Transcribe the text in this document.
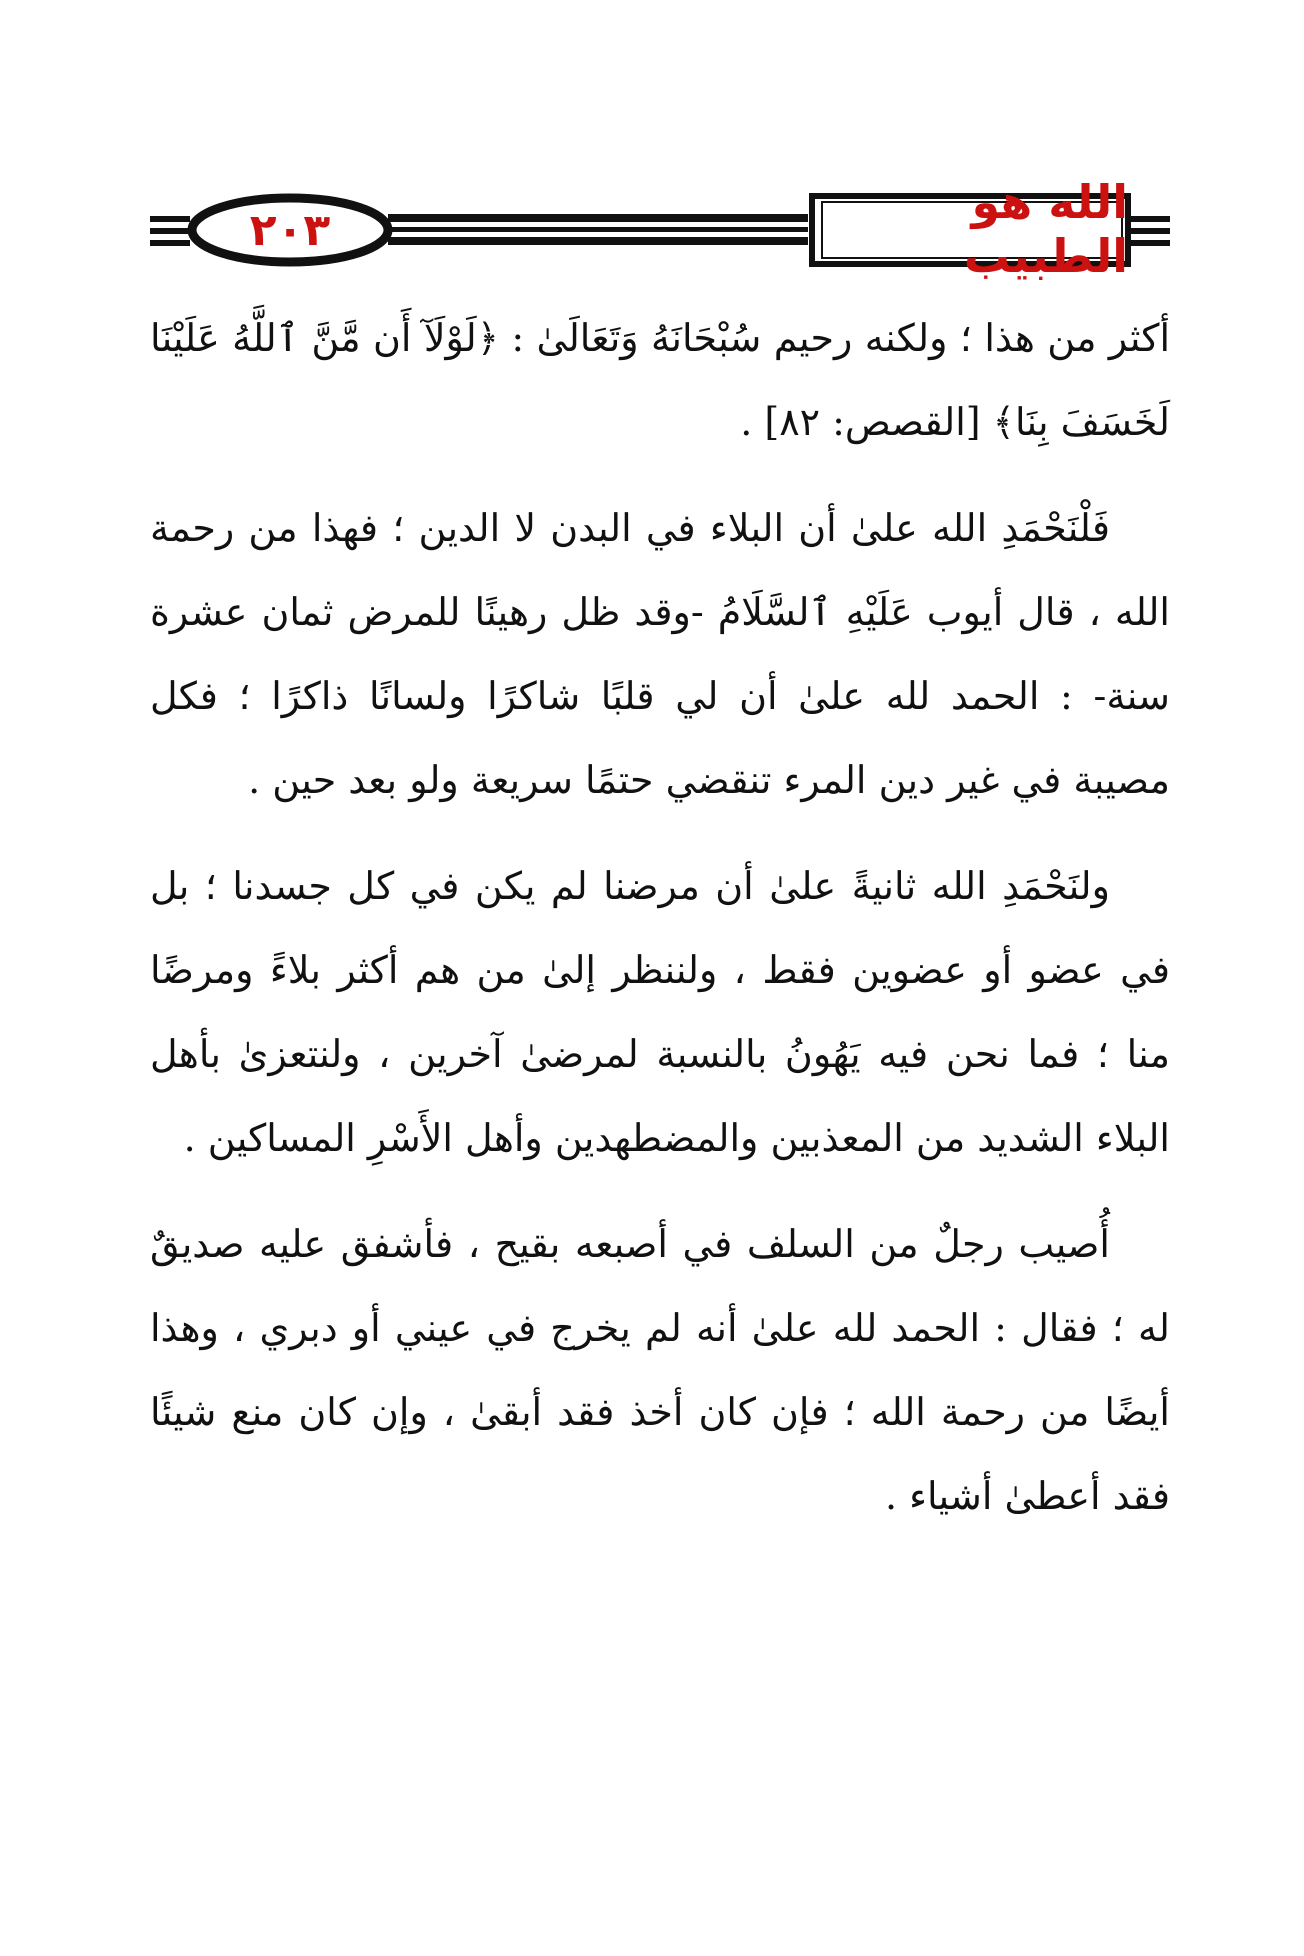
٢٠٣
الله هو الطبيب

أكثر من هذا ؛ ولكنه رحيم سُبْحَانَهُ وَتَعَالَىٰ : ﴿لَوْلَآ أَن مَّنَّ ٱللَّهُ عَلَيْنَا لَخَسَفَ بِنَا﴾ [القصص: ٨٢] .

فَلْنَحْمَدِ الله علىٰ أن البلاء في البدن لا الدين ؛ فهذا من رحمة الله ، قال أيوب عَلَيْهِ ٱلسَّلَامُ -وقد ظل رهينًا للمرض ثمان عشرة سنة- : الحمد لله علىٰ أن لي قلبًا شاكرًا ولسانًا ذاكرًا ؛ فكل مصيبة في غير دين المرء تنقضي حتمًا سريعة ولو بعد حين .

ولنَحْمَدِ الله ثانيةً علىٰ أن مرضنا لم يكن في كل جسدنا ؛ بل في عضو أو عضوين فقط ، ولننظر إلىٰ من هم أكثر بلاءً ومرضًا منا ؛ فما نحن فيه يَهُونُ بالنسبة لمرضىٰ آخرين ، ولنتعزىٰ بأهل البلاء الشديد من المعذبين والمضطهدين وأهل الأَسْرِ المساكين .

أُصيب رجلٌ من السلف في أصبعه بقيح ، فأشفق عليه صديقٌ له ؛ فقال : الحمد لله علىٰ أنه لم يخرج في عيني أو دبري ، وهذا أيضًا من رحمة الله ؛ فإن كان أخذ فقد أبقىٰ ، وإن كان منع شيئًا فقد أعطىٰ أشياء .
